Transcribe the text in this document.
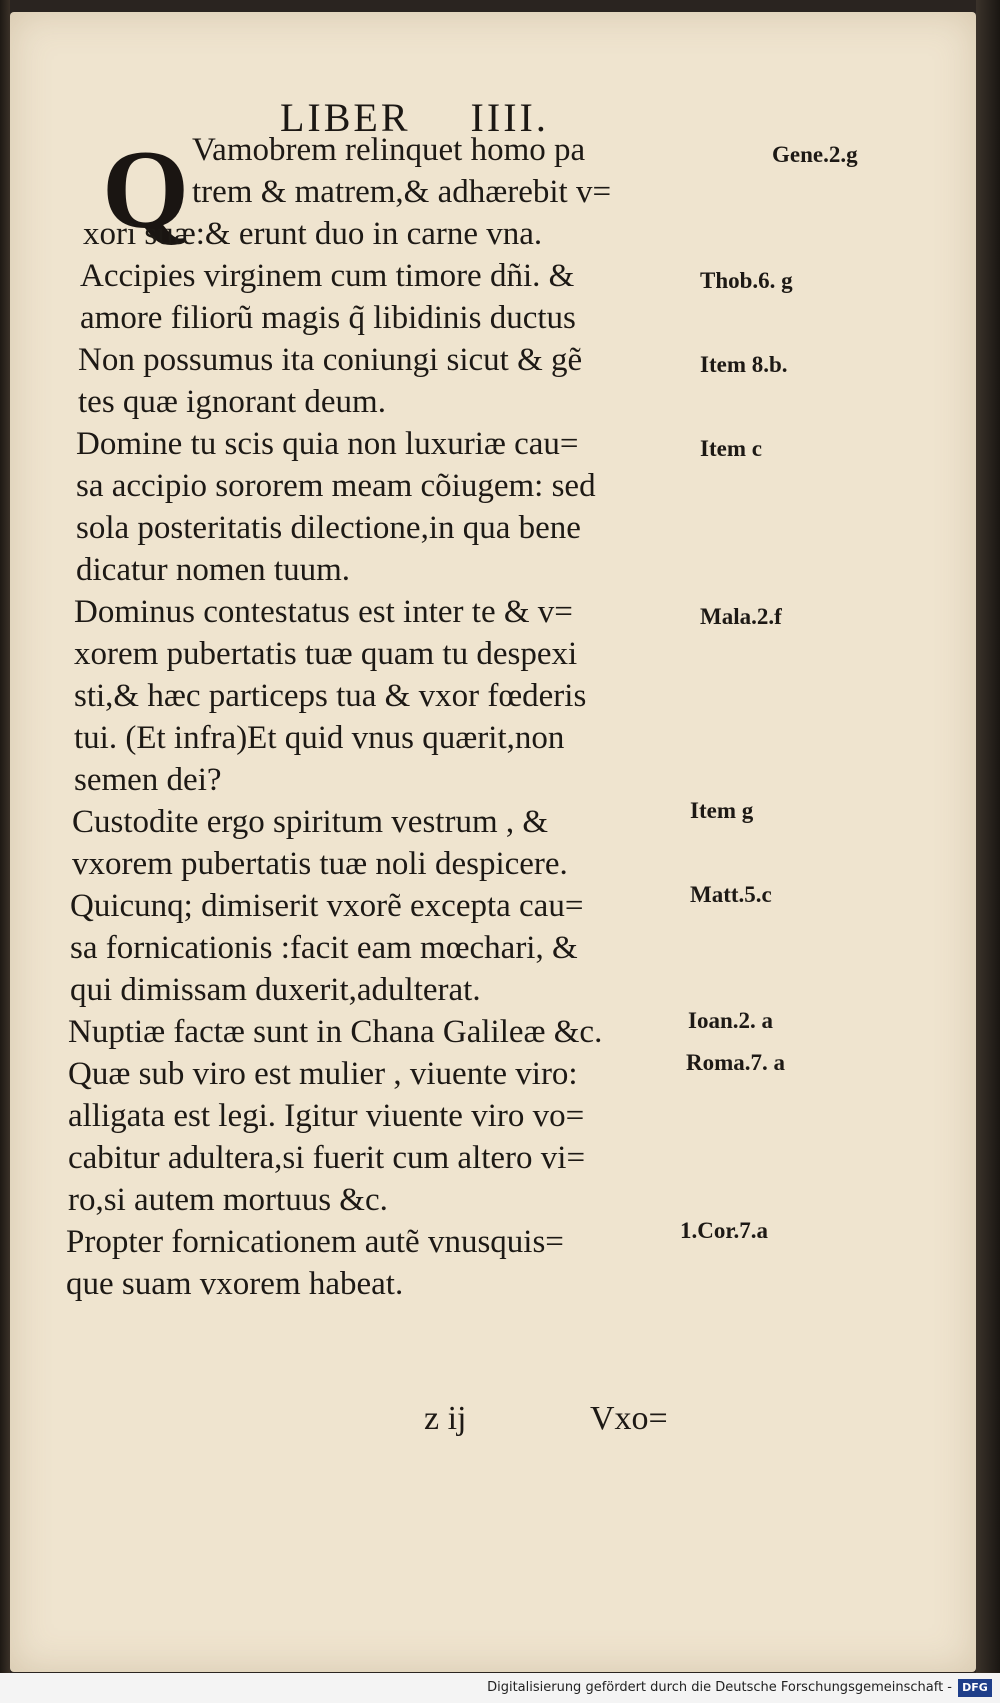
LIBER IIII.
Q Vamobrem relinquet homo pa
trem & matrem,& adhærebit v=
xori suæ:& erunt duo in carne vna.
Accipies virginem cum timore dñi. &
amore filiorũ magis q̃ libidinis ductus
Non possumus ita coniungi sicut & gẽ
tes quæ ignorant deum.
Domine tu scis quia non luxuriæ cau=
sa accipio sororem meam cõiugem: sed
sola posteritatis dilectione,in qua bene
dicatur nomen tuum.
Dominus contestatus est inter te & v=
xorem pubertatis tuæ quam tu despexi
sti,& hæc particeps tua & vxor fœderis
tui. (Et infra)Et quid vnus quærit,non
semen dei?
Custodite ergo spiritum vestrum , &
vxorem pubertatis tuæ noli despicere.
Quicunq; dimiserit vxorẽ excepta cau=
sa fornicationis :facit eam mœchari, &
qui dimissam duxerit,adulterat.
Nuptiæ factæ sunt in Chana Galileæ &c.
Quæ sub viro est mulier , viuente viro:
alligata est legi. Igitur viuente viro vo=
cabitur adultera,si fuerit cum altero vi=
ro,si autem mortuus &c.
Propter fornicationem autẽ vnusquis=
que suam vxorem habeat.
Gene.2.g
Thob.6. g
Item 8.b.
Item c
Mala.2.f
Item g
Matt.5.c
Ioan.2. a
Roma.7. a
1.Cor.7.a
z ij	Vxo=
Digitalisierung gefördert durch die Deutsche Forschungsgemeinschaft - DFG
